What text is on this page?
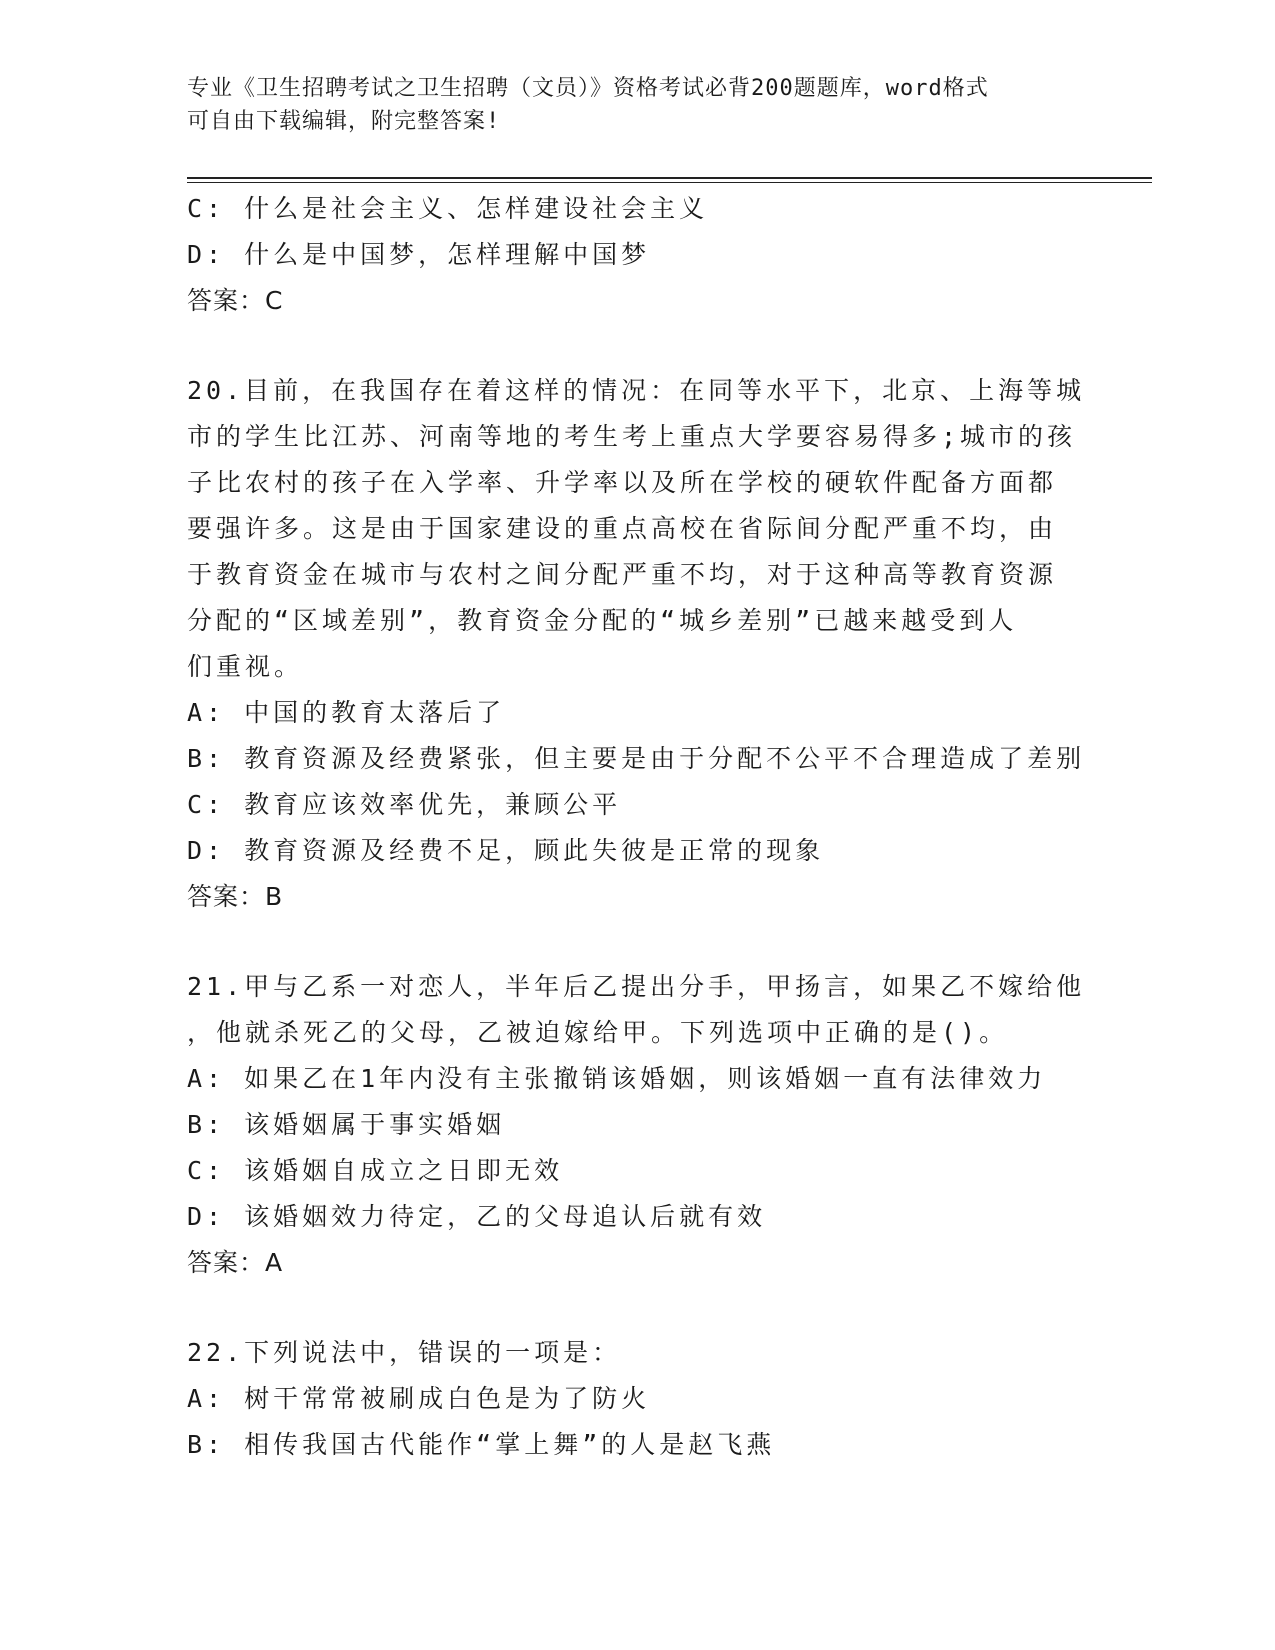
专业《卫生招聘考试之卫生招聘（文员）》资格考试必背200题题库，word格式
可自由下载编辑，附完整答案!
C: 什么是社会主义、怎样建设社会主义
D: 什么是中国梦，怎样理解中国梦
答案：C
20.目前，在我国存在着这样的情况：在同等水平下，北京、上海等城
市的学生比江苏、河南等地的考生考上重点大学要容易得多;城市的孩
子比农村的孩子在入学率、升学率以及所在学校的硬软件配备方面都
要强许多。这是由于国家建设的重点高校在省际间分配严重不均，由
于教育资金在城市与农村之间分配严重不均，对于这种高等教育资源
分配的“区域差别”，教育资金分配的“城乡差别”已越来越受到人
们重视。
A: 中国的教育太落后了
B: 教育资源及经费紧张，但主要是由于分配不公平不合理造成了差别
C: 教育应该效率优先，兼顾公平
D: 教育资源及经费不足，顾此失彼是正常的现象
答案：B
21.甲与乙系一对恋人，半年后乙提出分手，甲扬言，如果乙不嫁给他
，他就杀死乙的父母，乙被迫嫁给甲。下列选项中正确的是()。
A: 如果乙在1年内没有主张撤销该婚姻，则该婚姻一直有法律效力
B: 该婚姻属于事实婚姻
C: 该婚姻自成立之日即无效
D: 该婚姻效力待定，乙的父母追认后就有效
答案：A
22.下列说法中，错误的一项是：
A: 树干常常被刷成白色是为了防火
B: 相传我国古代能作“掌上舞”的人是赵飞燕
